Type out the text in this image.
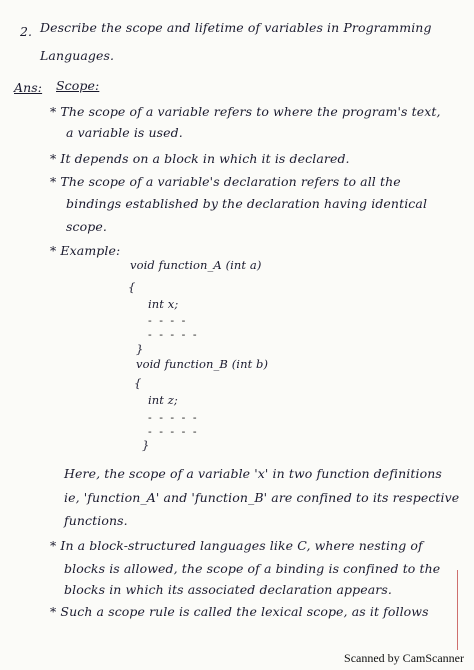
2. Describe the scope and lifetime of variables in Programming
Languages.
Ans: Scope:
* The scope of a variable refers to where the program's text,
a variable is used.
* It depends on a block in which it is declared.
* The scope of a variable's declaration refers to all the
bindings established by the declaration having identical
scope.
* Example:
void function_A (int a)
{
int x;
- - - -
- - - - -
}
void function_B (int b)
{
int z;
- - - - -
- - - - -
}
Here, the scope of a variable 'x' in two function definitions
ie, 'function_A' and 'function_B' are confined to its respective
functions.
* In a block-structured languages like C, where nesting of
blocks is allowed, the scope of a binding is confined to the
blocks in which its associated declaration appears.
* Such a scope rule is called the lexical scope, as it follows
Scanned by CamScanner
